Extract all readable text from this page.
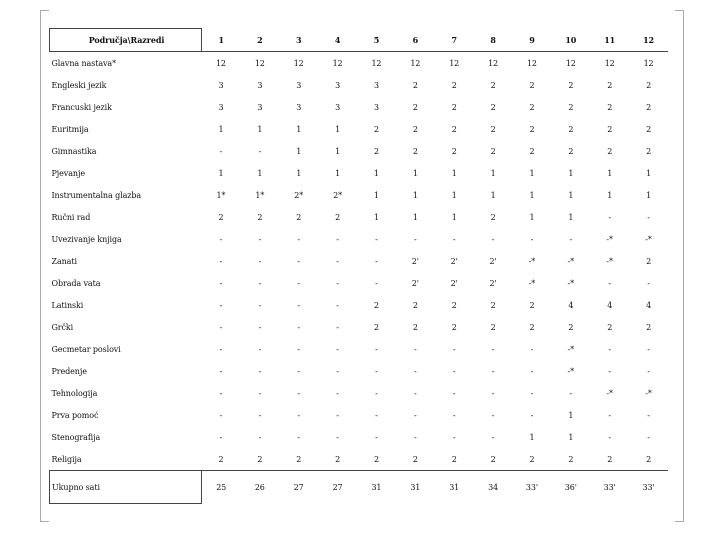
Područja\Razredi	1	2	3	4	5	6	7	8	9	10	11	12
Glavna nastava*	12	12	12	12	12	12	12	12	12	12	12	12
Engleski jezik	3	3	3	3	3	2	2	2	2	2	2	2
Francuski jezik	3	3	3	3	3	2	2	2	2	2	2	2
Euritmija	1	1	1	1	2	2	2	2	2	2	2	2
Gimnastika	-	-	1	1	2	2	2	2	2	2	2	2
Pjevanje	1	1	1	1	1	1	1	1	1	1	1	1
Instrumentalna glazba	1*	1*	2*	2*	1	1	1	1	1	1	1	1
Ručni rad	2	2	2	2	1	1	1	2	1	1	-	-
Uvezivanje knjiga	-	-	-	-	-	-	-	-	-	-	-*	-*
Zanati	-	-	-	-	-	2'	2'	2'	-*	-*	-*	2
Obrada vata	-	-	-	-	-	2'	2'	2'	-*	-*	-	-
Latinski	-	-	-	-	2	2	2	2	2	4	4	4
Grčki	-	-	-	-	2	2	2	2	2	2	2	2
Gecmetar poslovi	-	-	-	-	-	-	-	-	-	-*	-	-
Predenje	-	-	-	-	-	-	-	-	-	-*	-	-
Tehnologija	-	-	-	-	-	-	-	-	-	-	-*	-*
Prva pomoć	-	-	-	-	-	-	-	-	-	1	-	-
Stenografija	-	-	-	-	-	-	-	-	1	1	-	-
Religija	2	2	2	2	2	2	2	2	2	2	2	2
Ukupno sati	25	26	27	27	31	31	31	34	33'	36'	33'	33'
